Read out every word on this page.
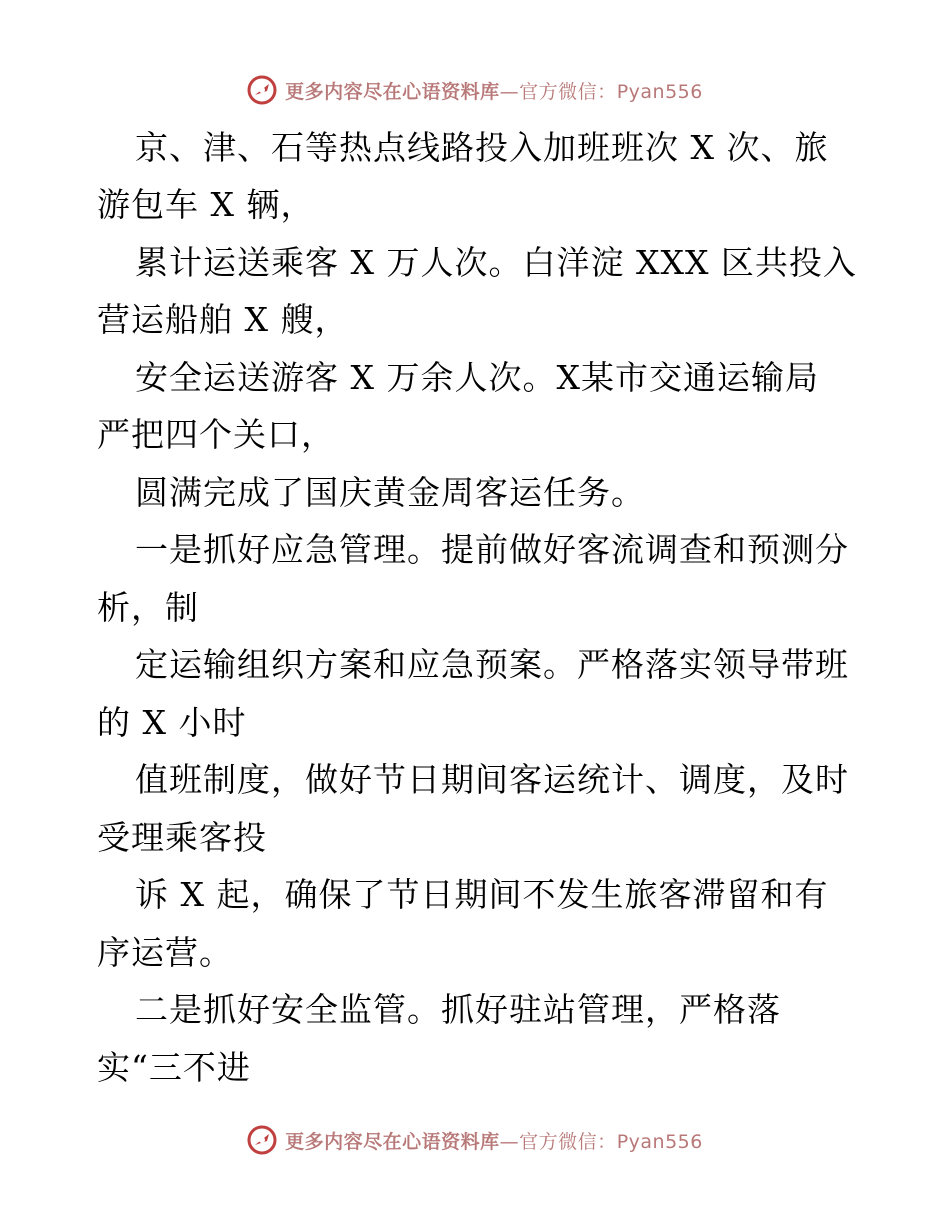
更多内容尽在心语资料库—官方微信：Pyan556
京、津、石等热点线路投入加班班次 X 次、旅
游包车 X 辆，
累计运送乘客 X 万人次。白洋淀 XXX 区共投入
营运船舶 X 艘，
安全运送游客 X 万余人次。X某市交通运输局
严把四个关口，
圆满完成了国庆黄金周客运任务。
一是抓好应急管理。提前做好客流调查和预测分
析，制
定运输组织方案和应急预案。严格落实领导带班
的 X 小时
值班制度，做好节日期间客运统计、调度，及时
受理乘客投
诉 X 起，确保了节日期间不发生旅客滞留和有
序运营。
二是抓好安全监管。抓好驻站管理，严格落
实“三不进
更多内容尽在心语资料库—官方微信：Pyan556
